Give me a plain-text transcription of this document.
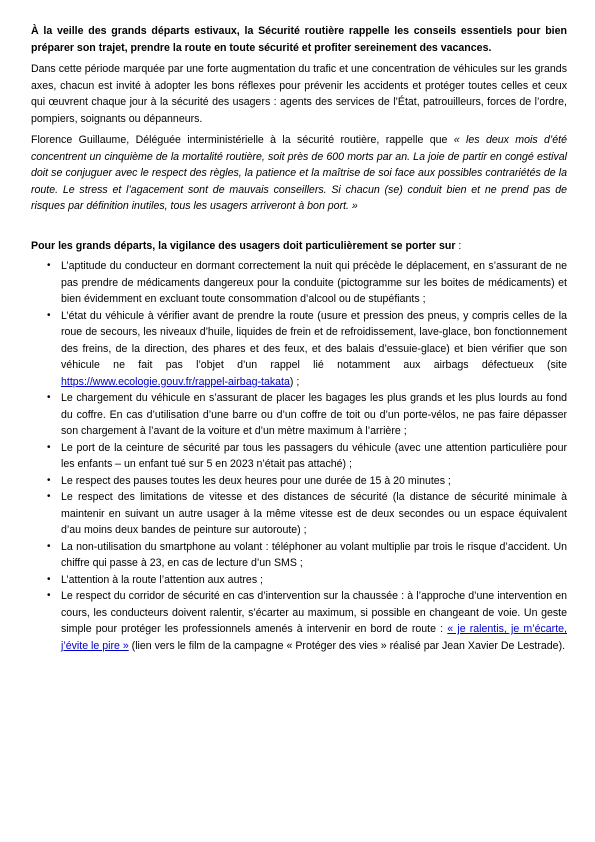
À la veille des grands départs estivaux, la Sécurité routière rappelle les conseils essentiels pour bien préparer son trajet, prendre la route en toute sécurité et profiter sereinement des vacances.

Dans cette période marquée par une forte augmentation du trafic et une concentration de véhicules sur les grands axes, chacun est invité à adopter les bons réflexes pour prévenir les accidents et protéger toutes celles et ceux qui œuvrent chaque jour à la sécurité des usagers : agents des services de l’État, patrouilleurs, forces de l’ordre, pompiers, soignants ou dépanneurs.

Florence Guillaume, Déléguée interministérielle à la sécurité routière, rappelle que « les deux mois d’été concentrent un cinquième de la mortalité routière, soit près de 600 morts par an. La joie de partir en congé estival doit se conjuguer avec le respect des règles, la patience et la maîtrise de soi face aux possibles contrariétés de la route. Le stress et l’agacement sont de mauvais conseillers. Si chacun (se) conduit bien et ne prend pas de risques par définition inutiles, tous les usagers arriveront à bon port. »

Pour les grands départs, la vigilance des usagers doit particulièrement se porter sur :

• L’aptitude du conducteur en dormant correctement la nuit qui précède le déplacement, en s’assurant de ne pas prendre de médicaments dangereux pour la conduite (pictogramme sur les boites de médicaments) et bien évidemment en excluant toute consommation d’alcool ou de stupéfiants ;
• L’état du véhicule à vérifier avant de prendre la route (usure et pression des pneus, y compris celles de la roue de secours, les niveaux d’huile, liquides de frein et de refroidissement, lave-glace, bon fonctionnement des freins, de la direction, des phares et des feux, et des balais d’essuie-glace) et bien vérifier que son véhicule ne fait pas l’objet d’un rappel lié notamment aux airbags défectueux (site https://www.ecologie.gouv.fr/rappel-airbag-takata) ;
• Le chargement du véhicule en s’assurant de placer les bagages les plus grands et les plus lourds au fond du coffre. En cas d’utilisation d’une barre ou d’un coffre de toit ou d’un porte-vélos, ne pas faire dépasser son chargement à l’avant de la voiture et d’un mètre maximum à l’arrière ;
• Le port de la ceinture de sécurité par tous les passagers du véhicule (avec une attention particulière pour les enfants – un enfant tué sur 5 en 2023 n’était pas attaché) ;
• Le respect des pauses toutes les deux heures pour une durée de 15 à 20 minutes ;
• Le respect des limitations de vitesse et des distances de sécurité (la distance de sécurité minimale à maintenir en suivant un autre usager à la même vitesse est de deux secondes ou un espace équivalent d’au moins deux bandes de peinture sur autoroute) ;
• La non-utilisation du smartphone au volant : téléphoner au volant multiplie par trois le risque d’accident. Un chiffre qui passe à 23, en cas de lecture d’un SMS ;
• L’attention à la route l’attention aux autres ;
• Le respect du corridor de sécurité en cas d’intervention sur la chaussée : à l’approche d’une intervention en cours, les conducteurs doivent ralentir, s’écarter au maximum, si possible en changeant de voie. Un geste simple pour protéger les professionnels amenés à intervenir en bord de route : « je ralentis, je m’écarte, j’évite le pire » (lien vers le film de la campagne « Protéger des vies » réalisé par Jean Xavier De Lestrade).
